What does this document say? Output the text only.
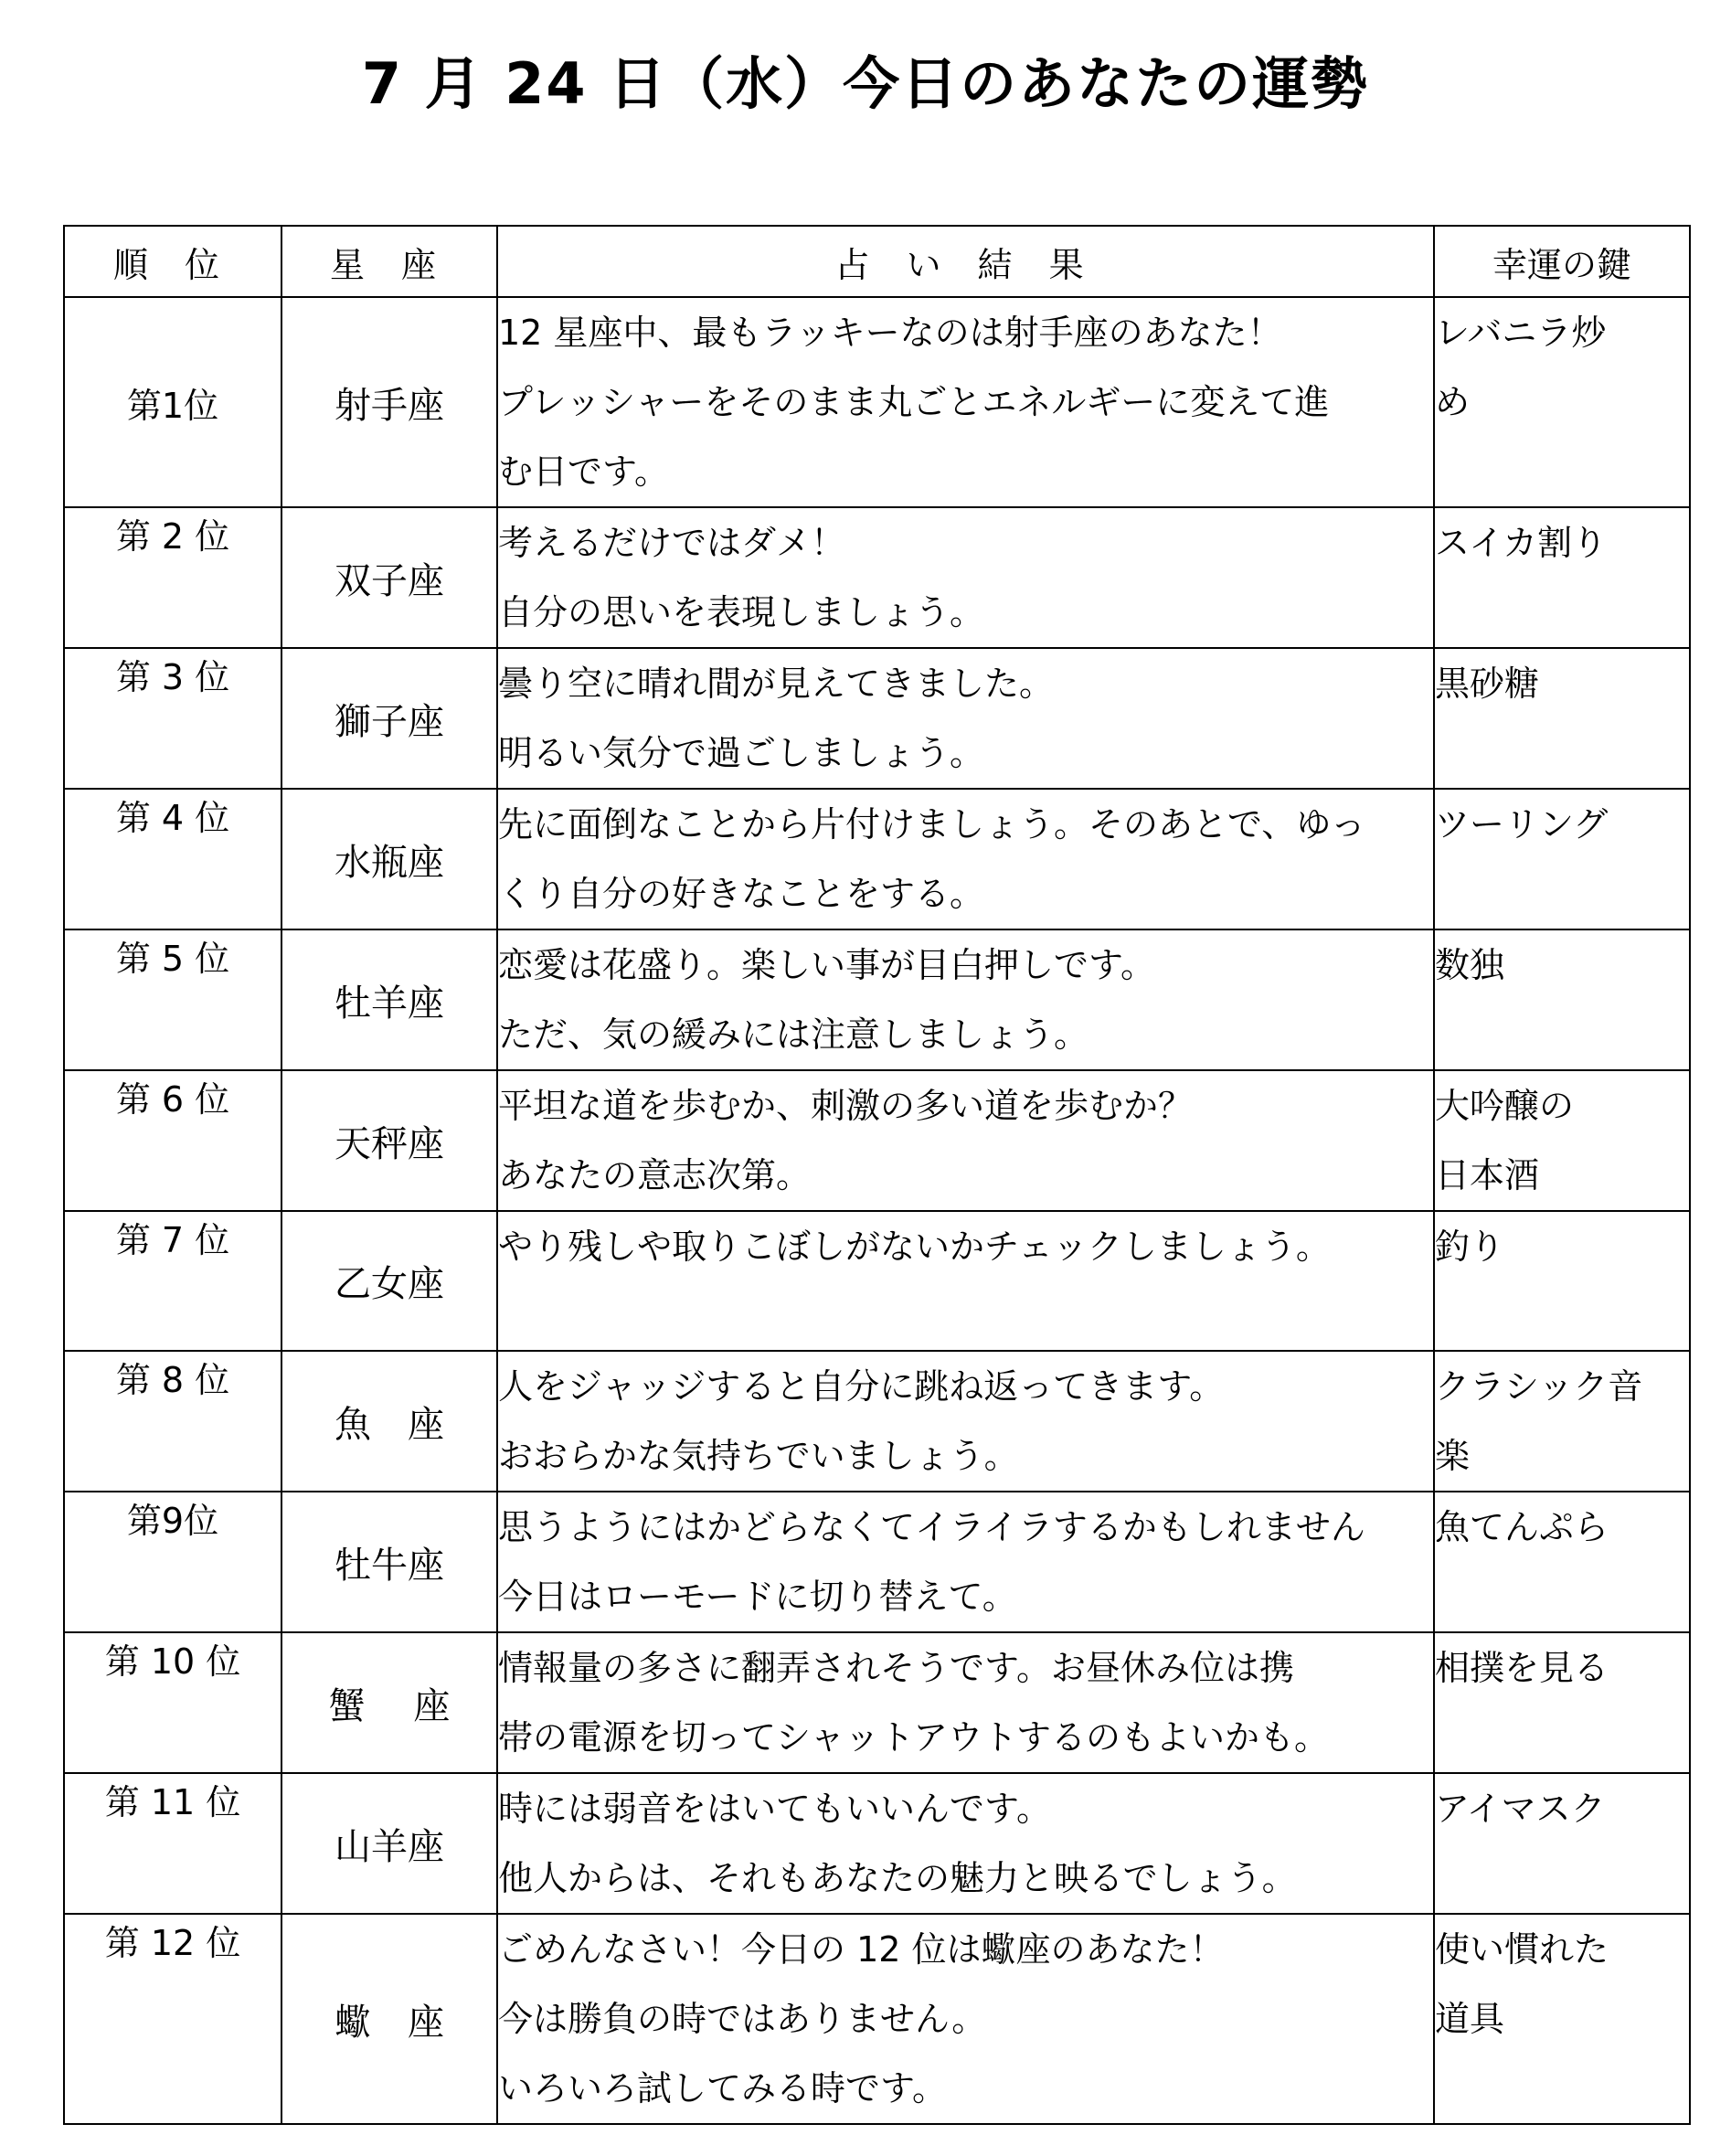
7 月 24 日（水）今日のあなたの運勢
順 位	星 座	占 い 結 果	幸運の鍵
第1位	射手座	12 星座中、最もラッキーなのは射手座のあなた！
プレッシャーをそのまま丸ごとエネルギーに変えて進
む日です。	レバニラ炒
め

第 2 位	双子座	考えるだけではダメ！
自分の思いを表現しましょう。	スイカ割り

第 3 位	獅子座	曇り空に晴れ間が見えてきました。
明るい気分で過ごしましょう。	黒砂糖

第 4 位	水瓶座	先に面倒なことから片付けましょう。そのあとで、ゆっ
くり自分の好きなことをする。	ツーリング

第 5 位	牡羊座	恋愛は花盛り。楽しい事が目白押しです。
ただ、気の緩みには注意しましょう。	数独

第 6 位	天秤座	平坦な道を歩むか、刺激の多い道を歩むか？
あなたの意志次第。	大吟醸の
日本酒

第 7 位	乙女座	やり残しや取りこぼしがないかチェックしましょう。	釣り

第 8 位	魚　座	人をジャッジすると自分に跳ね返ってきます。
おおらかな気持ちでいましょう。	クラシック音
楽

第9位	牡牛座	思うようにはかどらなくてイライラするかもしれません
今日はローモードに切り替えて。	魚てんぷら

第 10 位	蟹　 座	情報量の多さに翻弄されそうです。お昼休み位は携
帯の電源を切ってシャットアウトするのもよいかも。	相撲を見る

第 11 位	山羊座	時には弱音をはいてもいいんです。
他人からは、それもあなたの魅力と映るでしょう。	アイマスク

第 12 位	蠍　座	ごめんなさい！今日の 12 位は蠍座のあなた！
今は勝負の時ではありません。
いろいろ試してみる時です。	使い慣れた
道具
